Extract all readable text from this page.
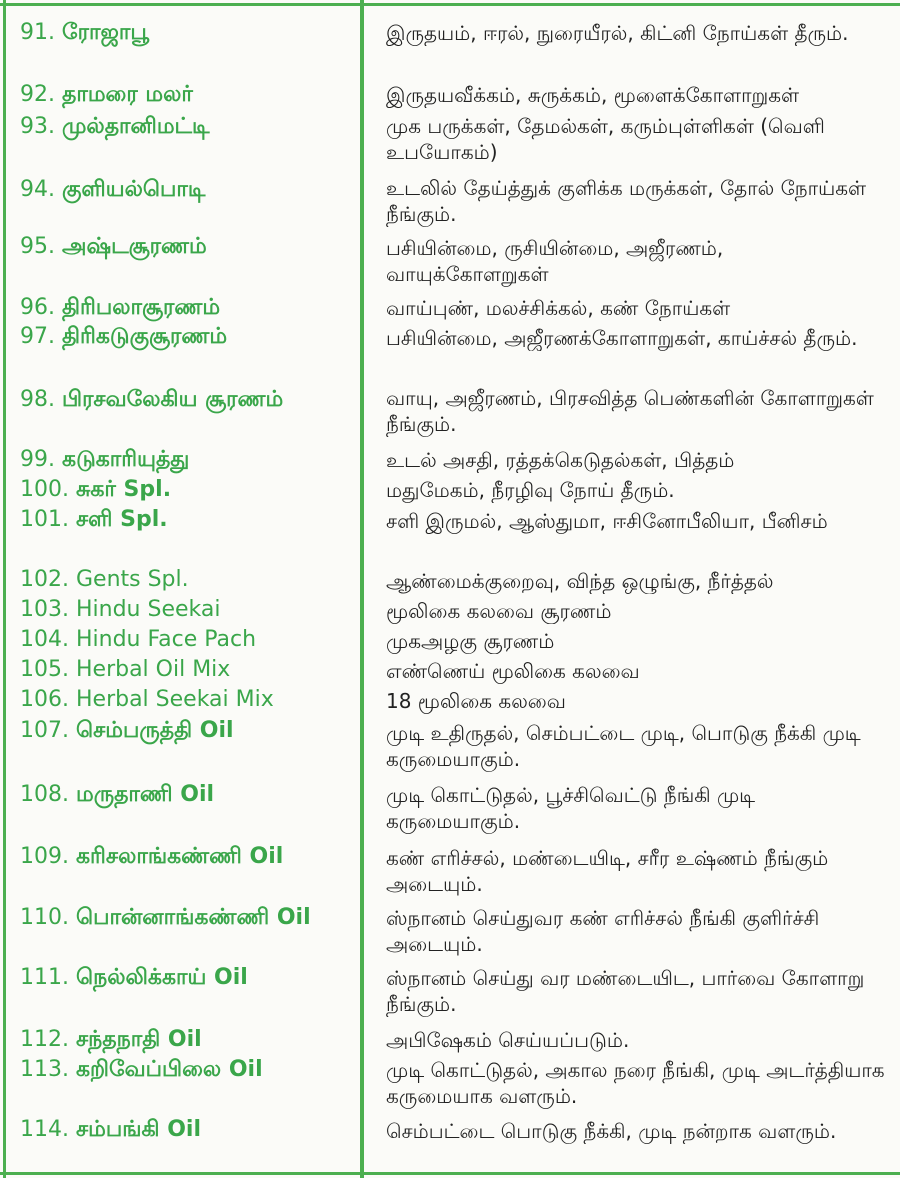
91. ரோஜாபூ
92. தாமரை மலர்
93. முல்தானிமட்டி
94. குளியல்பொடி
95. அஷ்டசூரணம்
96. திரிபலாசூரணம்
97. திரிகடுகுசூரணம்
98. பிரசவலேகிய சூரணம்
99. கடுகாரியுத்து
100. சுகர் Spl.
101. சளி Spl.
102. Gents Spl.
103. Hindu Seekai
104. Hindu Face Pach
105. Herbal Oil Mix
106. Herbal Seekai Mix
107. செம்பருத்தி Oil
108. மருதாணி Oil
109. கரிசலாங்கண்ணி Oil
110. பொன்னாங்கண்ணி Oil
111. நெல்லிக்காய் Oil
112. சந்தநாதி Oil
113. கறிவேப்பிலை Oil
114. சம்பங்கி Oil
இருதயம், ஈரல், நுரையீரல், கிட்னி நோய்கள் தீரும்.
இருதயவீக்கம், சுருக்கம், மூளைக்கோளாறுகள்
முக பருக்கள், தேமல்கள், கரும்புள்ளிகள் (வெளி உபயோகம்)
உடலில் தேய்த்துக் குளிக்க மருக்கள், தோல் நோய்கள் நீங்கும்.
பசியின்மை, ருசியின்மை, அஜீரணம், வாயுக்கோளறுகள்
வாய்புண், மலச்சிக்கல், கண் நோய்கள்
பசியின்மை, அஜீரணக்கோளாறுகள், காய்ச்சல் தீரும்.
வாயு, அஜீரணம், பிரசவித்த பெண்களின் கோளாறுகள் நீங்கும்.
உடல் அசதி, ரத்தக்கெடுதல்கள், பித்தம்
மதுமேகம், நீரழிவு நோய் தீரும்.
சளி இருமல், ஆஸ்துமா, ஈசினோபீலியா, பீனிசம்
ஆண்மைக்குறைவு, விந்த ஒழுங்கு, நீர்த்தல்
மூலிகை கலவை சூரணம்
முகஅழகு சூரணம்
எண்ணெய் மூலிகை கலவை
18 மூலிகை கலவை
முடி உதிருதல், செம்பட்டை முடி, பொடுகு நீக்கி முடி கருமையாகும்.
முடி கொட்டுதல், பூச்சிவெட்டு நீங்கி முடி கருமையாகும்.
கண் எரிச்சல், மண்டையிடி, சரீர உஷ்ணம் நீங்கும் அடையும்.
ஸ்நானம் செய்துவர கண் எரிச்சல் நீங்கி குளிர்ச்சி அடையும்.
ஸ்நானம் செய்து வர மண்டையிட, பார்வை கோளாறு நீங்கும்.
அபிஷேகம் செய்யப்படும்.
முடி கொட்டுதல், அகால நரை நீங்கி, முடி அடர்த்தியாக கருமையாக வளரும்.
செம்பட்டை பொடுகு நீக்கி, முடி நன்றாக வளரும்.
